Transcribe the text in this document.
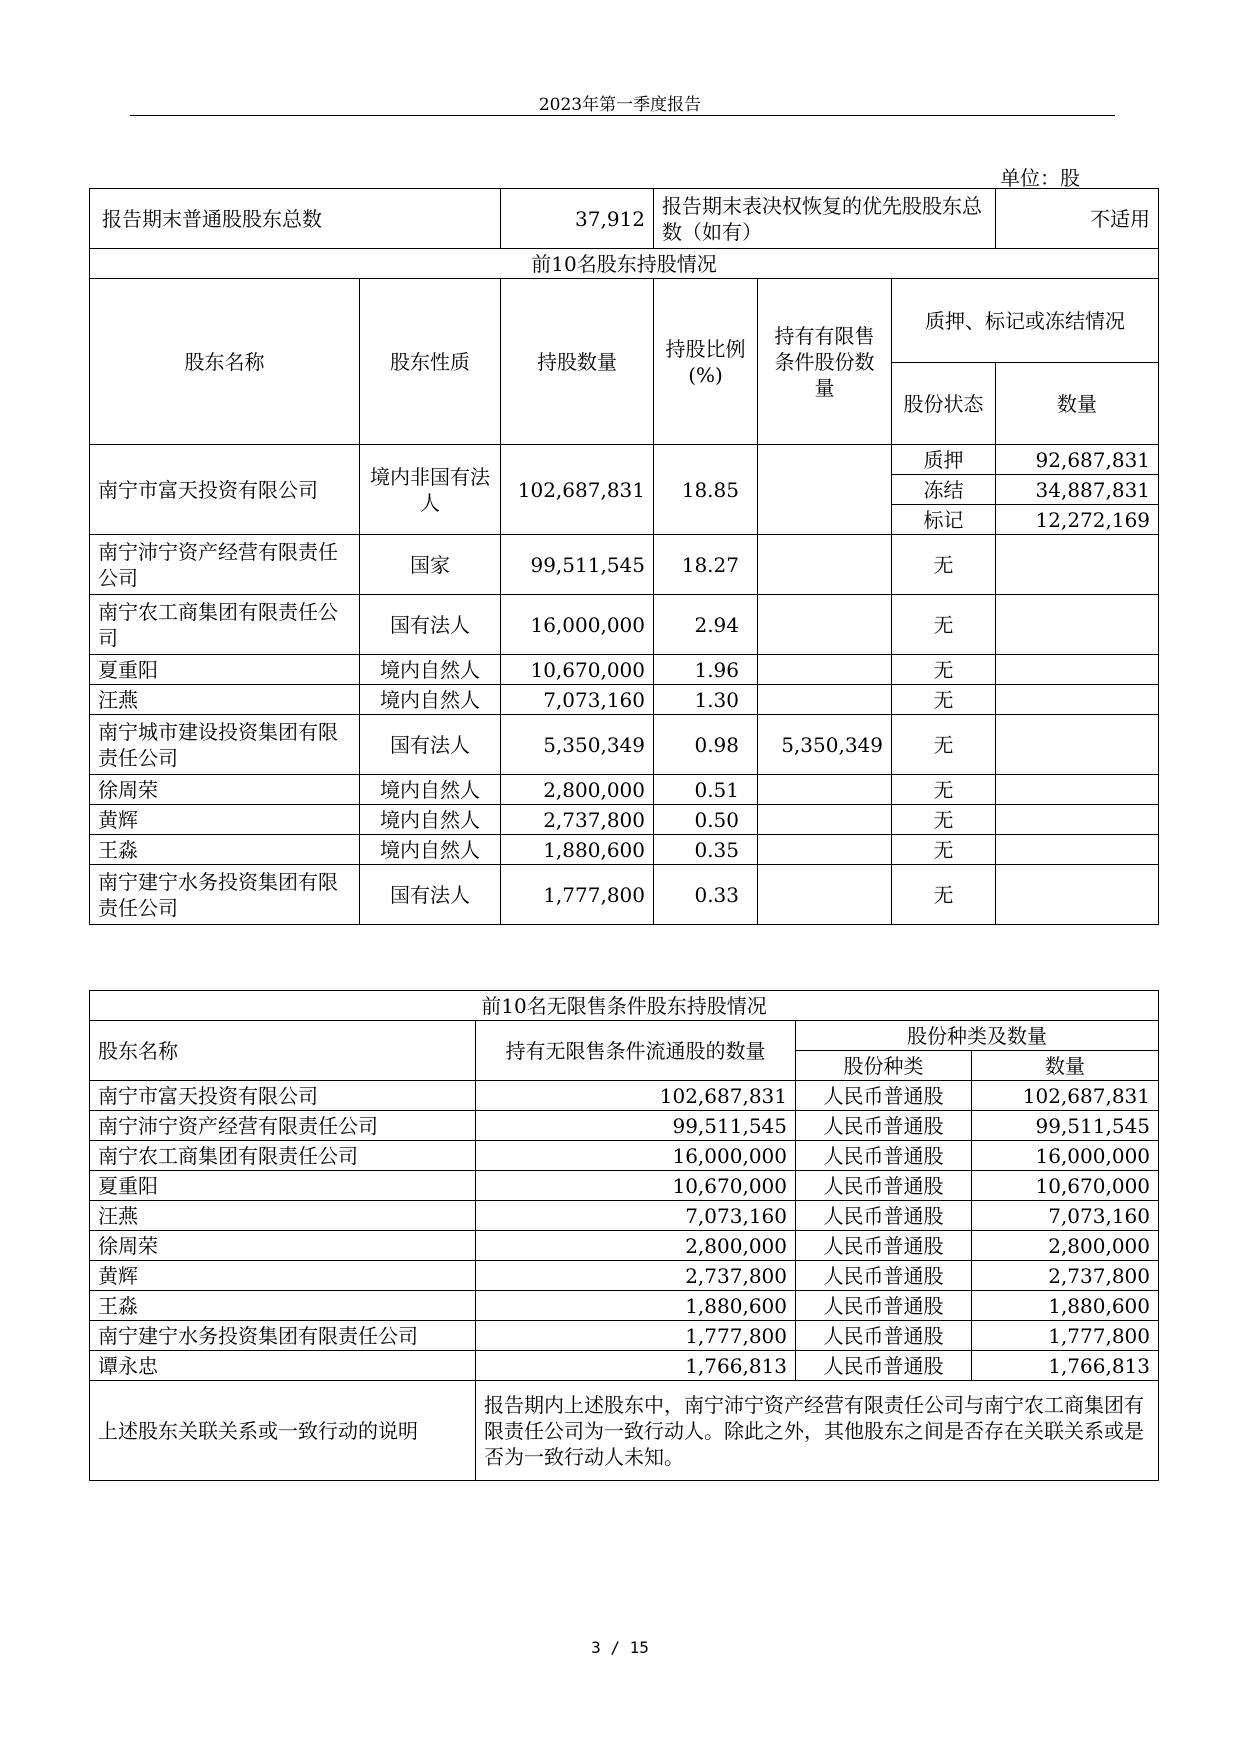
2023年第一季度报告
单位：股
报告期末普通股股东总数		37,912	报告期末表决权恢复的优先股股东总数（如有）			不适用
前10名股东持股情况						
股东名称	股东性质	持股数量	持股比例(%)	持有有限售条件股份数量	质押、标记或冻结情况	
					股份状态	数量
南宁市富天投资有限公司	境内非国有法人	102,687,831	18.85		质押	92,687,831
					冻结	34,887,831
					标记	12,272,169
南宁沛宁资产经营有限责任公司	国家	99,511,545	18.27		无	
南宁农工商集团有限责任公司	国有法人	16,000,000	2.94		无	
夏重阳	境内自然人	10,670,000	1.96		无	
汪燕	境内自然人	7,073,160	1.30		无	
南宁城市建设投资集团有限责任公司	国有法人	5,350,349	0.98	5,350,349	无	
徐周荣	境内自然人	2,800,000	0.51		无	
黄辉	境内自然人	2,737,800	0.50		无	
王淼	境内自然人	1,880,600	0.35		无	
南宁建宁水务投资集团有限责任公司	国有法人	1,777,800	0.33		无	
前10名无限售条件股东持股情况			
股东名称	持有无限售条件流通股的数量	股份种类及数量	
		股份种类	数量
南宁市富天投资有限公司	102,687,831	人民币普通股	102,687,831
南宁沛宁资产经营有限责任公司	99,511,545	人民币普通股	99,511,545
南宁农工商集团有限责任公司	16,000,000	人民币普通股	16,000,000
夏重阳	10,670,000	人民币普通股	10,670,000
汪燕	7,073,160	人民币普通股	7,073,160
徐周荣	2,800,000	人民币普通股	2,800,000
黄辉	2,737,800	人民币普通股	2,737,800
王淼	1,880,600	人民币普通股	1,880,600
南宁建宁水务投资集团有限责任公司	1,777,800	人民币普通股	1,777,800
谭永忠	1,766,813	人民币普通股	1,766,813
上述股东关联关系或一致行动的说明	报告期内上述股东中，南宁沛宁资产经营有限责任公司与南宁农工商集团有限责任公司为一致行动人。除此之外，其他股东之间是否存在关联关系或是否为一致行动人未知。		
3 / 15
